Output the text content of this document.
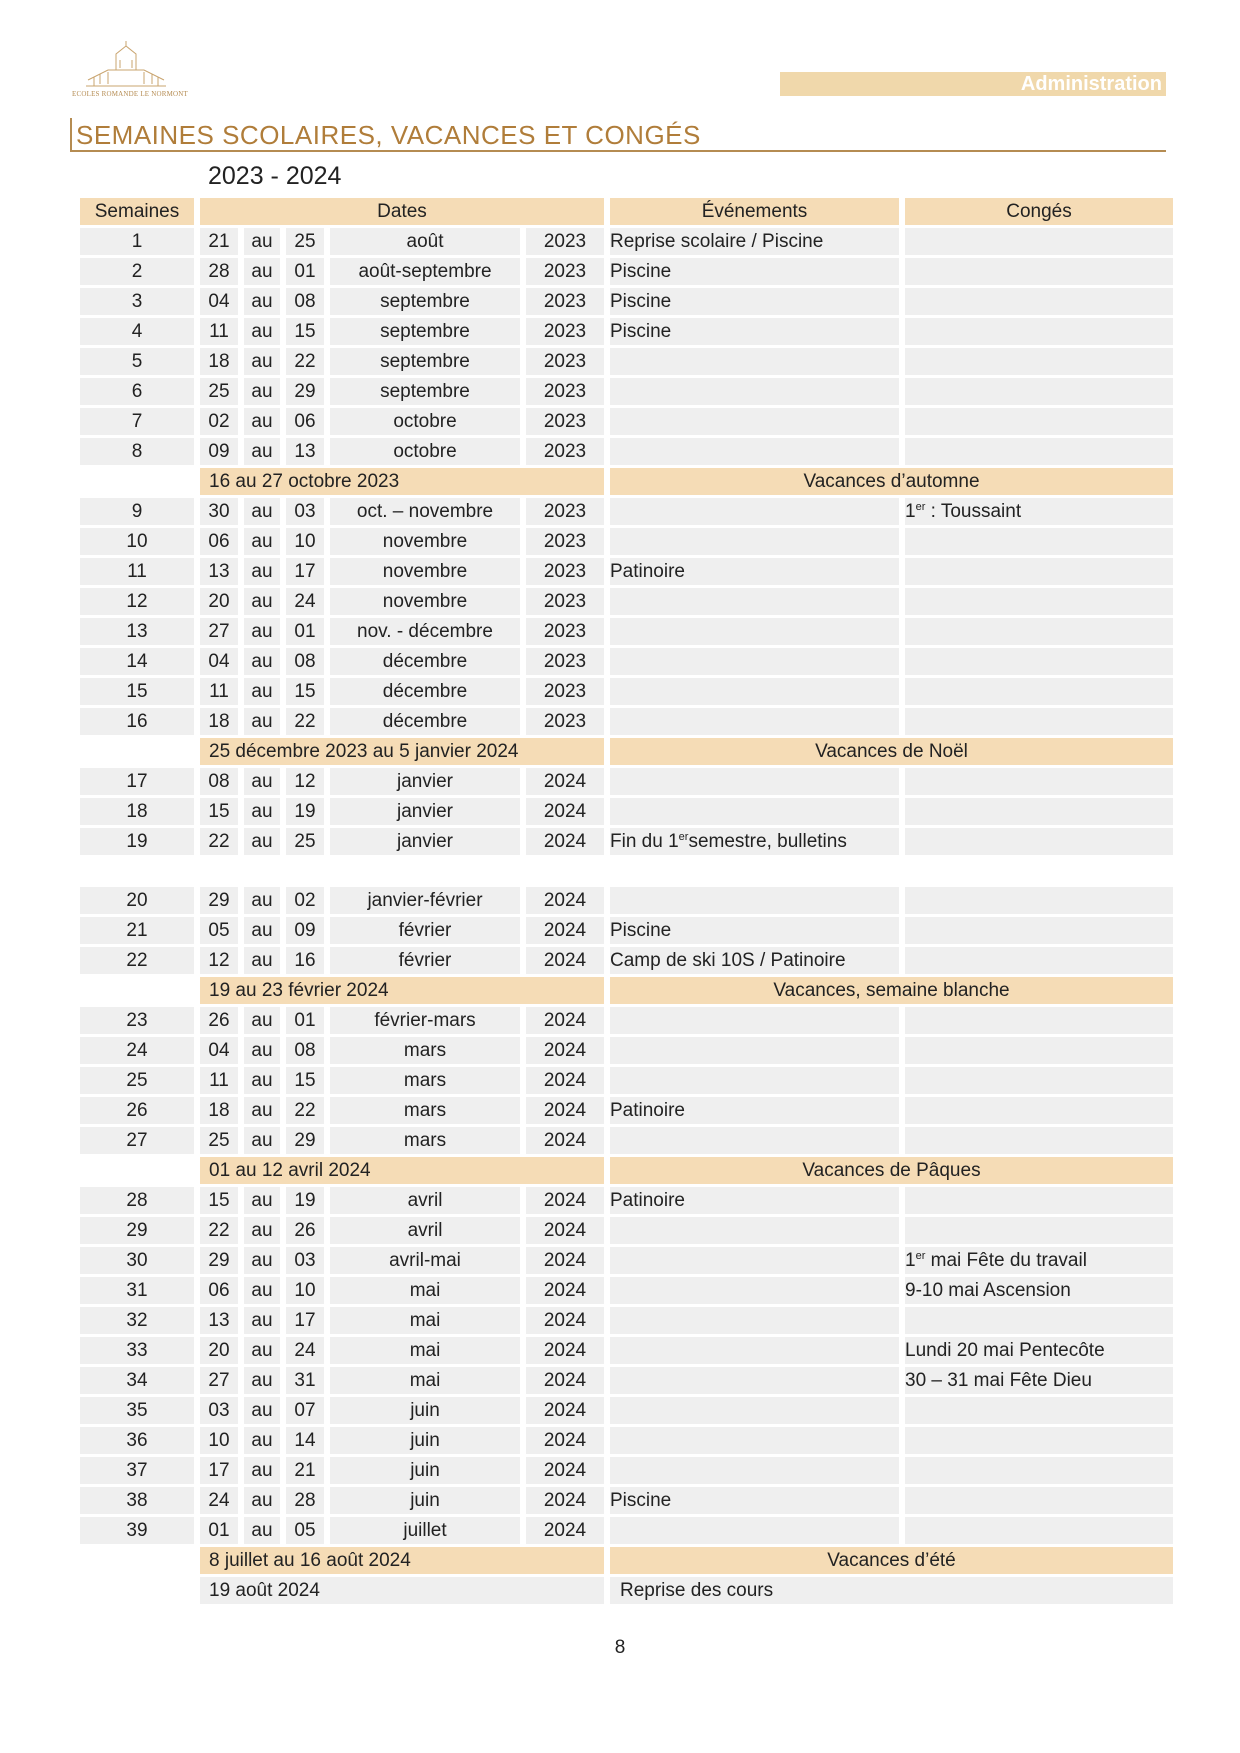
ECOLES ROMANDE LE NORMONT	Administration
SEMAINES SCOLAIRES, VACANCES ET CONGÉS
2023 - 2024
Semaines	Dates					Événements	Congés
1	21	au	25	août	2023	Reprise scolaire / Piscine	
2	28	au	01	août-septembre	2023	Piscine	
3	04	au	08	septembre	2023	Piscine	
4	11	au	15	septembre	2023	Piscine	
5	18	au	22	septembre	2023		
6	25	au	29	septembre	2023		
7	02	au	06	octobre	2023		
8	09	au	13	octobre	2023		
	16 au 27 octobre 2023					Vacances d’automne	
9	30	au	03	oct. – novembre	2023		1er : Toussaint
10	06	au	10	novembre	2023		
11	13	au	17	novembre	2023	Patinoire	
12	20	au	24	novembre	2023		
13	27	au	01	nov. - décembre	2023		
14	04	au	08	décembre	2023		
15	11	au	15	décembre	2023		
16	18	au	22	décembre	2023		
	25 décembre 2023 au 5 janvier 2024					Vacances de Noël	
17	08	au	12	janvier	2024		
18	15	au	19	janvier	2024		
19	22	au	25	janvier	2024	Fin du 1ersemestre, bulletins	

20	29	au	02	janvier-février	2024		
21	05	au	09	février	2024	Piscine	
22	12	au	16	février	2024	Camp de ski 10S / Patinoire	
	19 au 23 février 2024					Vacances, semaine blanche	
23	26	au	01	février-mars	2024		
24	04	au	08	mars	2024		
25	11	au	15	mars	2024		
26	18	au	22	mars	2024	Patinoire	
27	25	au	29	mars	2024		
	01 au 12 avril 2024					Vacances de Pâques	
28	15	au	19	avril	2024	Patinoire	
29	22	au	26	avril	2024		
30	29	au	03	avril-mai	2024		1er mai Fête du travail
31	06	au	10	mai	2024		9-10 mai Ascension
32	13	au	17	mai	2024		
33	20	au	24	mai	2024		Lundi 20 mai Pentecôte
34	27	au	31	mai	2024		30 – 31 mai Fête Dieu
35	03	au	07	juin	2024		
36	10	au	14	juin	2024		
37	17	au	21	juin	2024		
38	24	au	28	juin	2024	Piscine	
39	01	au	05	juillet	2024		
	8 juillet au 16 août 2024					Vacances d’été	
	19 août 2024					Reprise des cours	
8
